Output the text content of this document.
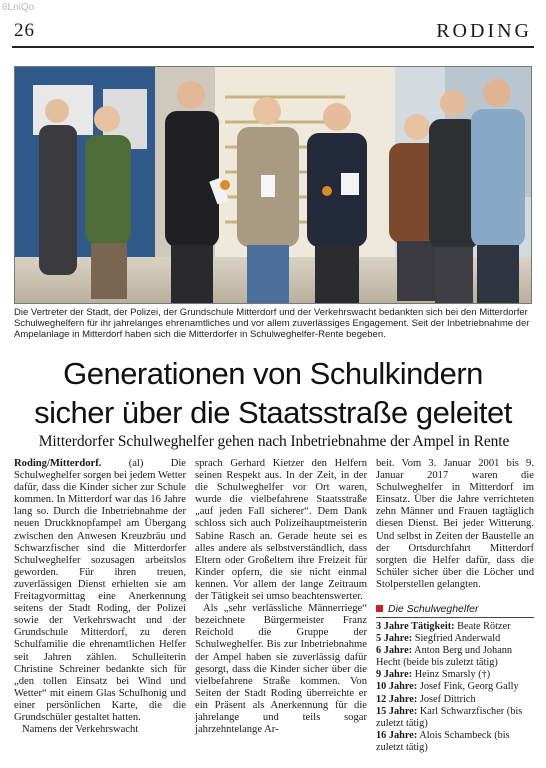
6LniQo
26	RODING

Die Vertreter der Stadt, der Polizei, der Grundschule Mitterdorf und der Verkehrswacht bedankten sich bei den Mitterdorfer Schulweghelfern für ihr jahrelanges ehrenamtliches und vor allem zuverlässiges Engagement. Seit der Inbetriebnahme der Ampelanlage in Mitterdorf haben sich die Mitterdorfer in Schulweghelfer-Rente begeben.

Generationen von Schulkindern
sicher über die Staatsstraße geleitet
Mitterdorfer Schulweghelfer gehen nach Inbetriebnahme der Ampel in Rente

Roding/Mitterdorf.	(al)	Die Schulweghelfer sorgen bei jedem Wetter dafür, dass die Kinder sicher zur Schule kommen. In Mitterdorf war das 16 Jahre lang so. Durch die Inbetriebnahme der neuen Druckknopfampel am Übergang zwischen den Anwesen Kreuzbräu und Schwarzfischer sind die Mitterdorfer Schulweghelfer sozusagen arbeitslos geworden. Für ihren treuen, zuverlässigen Dienst erhielten sie am Freitagvormittag eine Anerkennung seitens der Stadt Roding, der Polizei sowie der Verkehrswacht und der Grundschule Mitterdorf, zu deren Schulfamilie die ehrenamtlichen Helfer seit Jahren zählen. Schulleiterin Christine Schreiner bedankte sich für „den tollen Einsatz bei Wind und Wetter“ mit einem Glas Schulhonig und einer persönlichen Karte, die die Grundschüler gestaltet hatten.

Namens der Verkehrswacht

sprach Gerhard Kietzer den Helfern seinen Respekt aus. In der Zeit, in der die Schulweghelfer vor Ort waren, wurde die vielbefahrene Staatsstraße „auf jeden Fall sicherer“. Dem Dank schloss sich auch Polizeihauptmeisterin Sabine Rasch an. Gerade heute sei es alles andere als selbstverständlich, dass Eltern oder Großeltern ihre Freizeit für Kinder opfern, die sie nicht einmal kennen. Vor allem der lange Zeitraum der Tätigkeit sei umso beachtenswerter.

Als „sehr verlässliche Männerriege“ bezeichnete Bürgermeister Franz Reichold die Gruppe der Schulweghelfer. Bis zur Inbetriebnahme der Ampel haben sie zuverlässig dafür gesorgt, dass die Kinder sicher über die vielbefahrene Straße kommen. Von Seiten der Stadt Roding überreichte er ein Präsent als Anerkennung für die jahrelange und teils sogar jahrzehntelange Ar-

beit. Vom 3. Januar 2001 bis 9. Januar 2017 waren die Schulweghelfer in Mitterdorf im Einsatz. Über die Jahre verrichteten zehn Männer und Frauen tagtäglich diesen Dienst. Bei jeder Witterung. Und selbst in Zeiten der Baustelle an der Ortsdurchfahrt Mitterdorf sorgten die Helfer dafür, dass die Schüler sicher über die Löcher und Stolperstellen gelangten.

Die Schulweghelfer
3 Jahre Tätigkeit: Beate Rötzer
5 Jahre: Siegfried Anderwald
6 Jahre: Anton Berg und Johann Hecht (beide bis zuletzt tätig)
9 Jahre: Heinz Smarsly (†)
10 Jahre: Josef Fink, Georg Gally
12 Jahre: Josef Dittrich
15 Jahre: Karl Schwarzfischer (bis zuletzt tätig)
16 Jahre: Alois Schambeck (bis zuletzt tätig)
